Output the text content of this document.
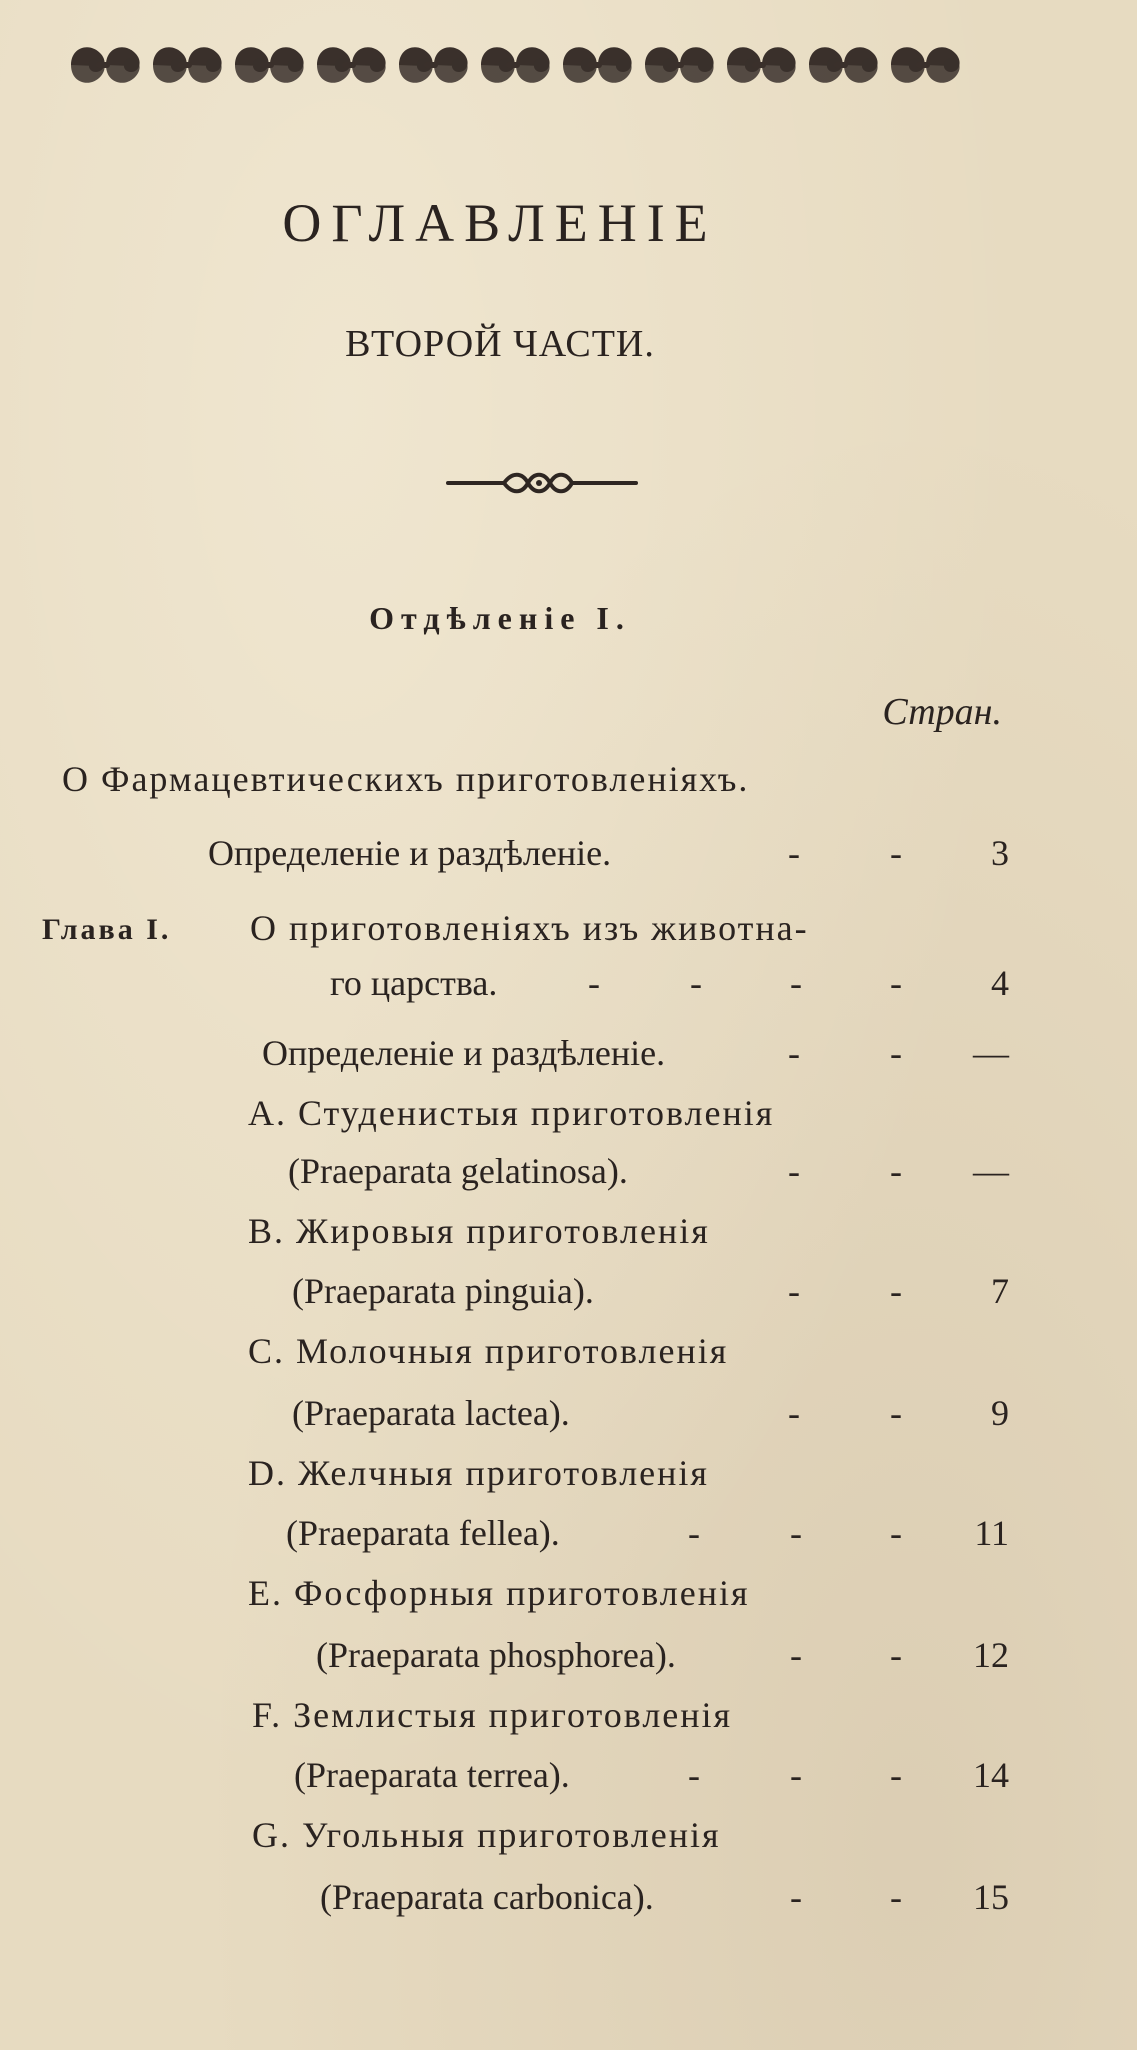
ОГЛАВЛЕНIЕ
ВТОРОЙ ЧАСТИ.
Отдѣленiе I.
Стран.
О Фармацевтическихъ приготовленiяхъ.
Определенiе и раздѣленiе.	-	- 3
Глава I. О приготовленiяхъ изъ животна-
го царства.	-	- - - 4
Определенiе и раздѣленiе.	-	- —
A. Студенистыя приготовленiя
(Praeparata gelatinosa).	-	- —
B. Жировыя приготовленiя
(Praeparata pinguia).	-	- 7
C. Молочныя приготовленiя
(Praeparata lactea).	-	- 9
D. Желчныя приготовленiя
(Praeparata fellea).	-	- - 11
E. Фосфорныя приготовленiя
(Praeparata phosphorea).	- - 12
F. Землистыя приготовленiя
(Praeparata terrea).	-	- - 14
G. Угольныя приготовленiя
(Praeparata carbonica).	- - 15
